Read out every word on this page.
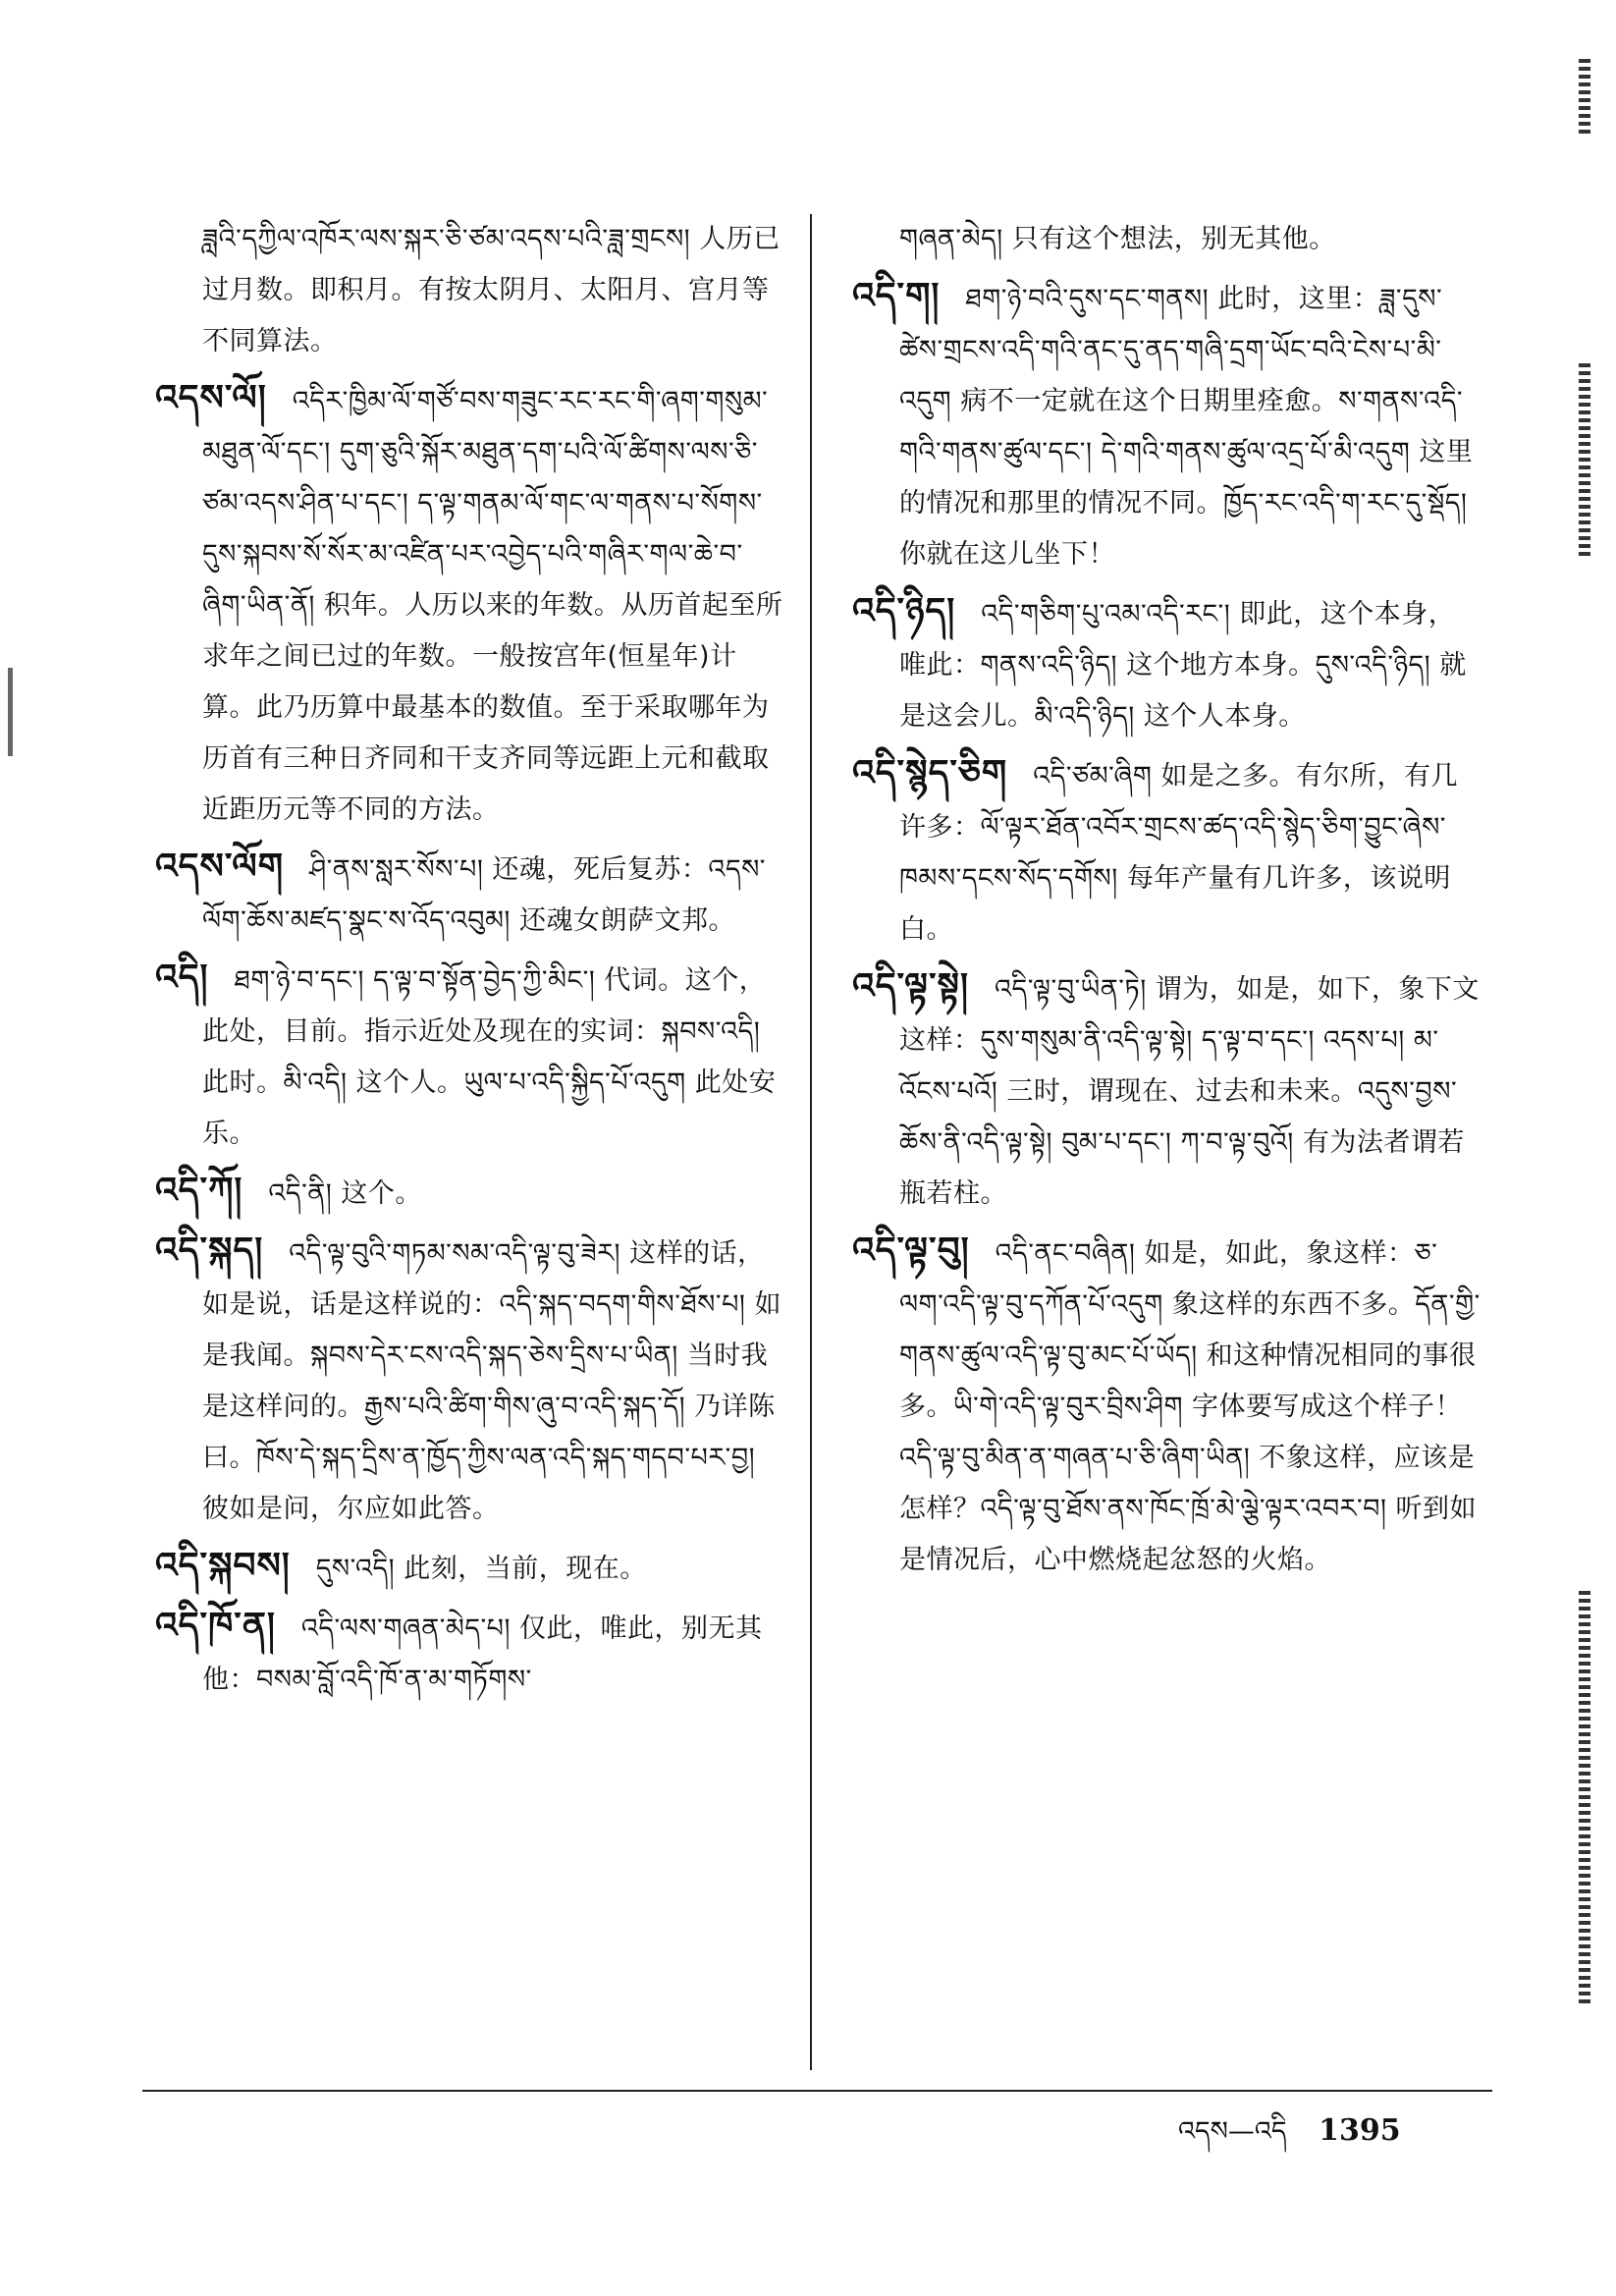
ཟླའི་དཀྱིལ་འཁོར་ལས་སྐར་ཅི་ཙམ་འདས་པའི་ཟླ་གྲངས། 人历已过月数。即积月。有按太阴月、太阳月、宫月等不同算法。
འདས་ལོ། འདིར་ཁྱིམ་ལོ་གཙོ་བས་གཟུང་རང་རང་གི་ཞག་གསུམ་མཐུན་ལོ་དང་། དུག་ཅུའི་སྐོར་མཐུན་དག་པའི་ལོ་ཚིགས་ལས་ཅི་ཙམ་འདས་ཤིན་པ་དང་། ད་ལྟ་གནམ་ལོ་གང་ལ་གནས་པ་སོགས་དུས་སྐབས་སོ་སོར་མ་འཛིན་པར་འབྱེད་པའི་གཞིར་གལ་ཆེ་བ་ཞིག་ཡིན་ནོ། 积年。人历以来的年数。从历首起至所求年之间已过的年数。一般按宫年(恒星年)计算。此乃历算中最基本的数值。至于采取哪年为历首有三种日齐同和干支齐同等远距上元和截取近距历元等不同的方法。
འདས་ལོག ཤི་ནས་སླར་སོས་པ། 还魂，死后复苏：འདས་ལོག་ཆོས་མཛད་སྣང་ས་འོད་འབུམ། 还魂女朗萨文邦。
འདི། ཐག་ཉེ་བ་དང་། ད་ལྟ་བ་སྟོན་བྱེད་ཀྱི་མིང་། 代词。这个，此处，目前。指示近处及现在的实词：སྐབས་འདི། 此时。མི་འདི། 这个人。ཡུལ་པ་འདི་སྐྱིད་པོ་འདུག 此处安乐。
འདི་ཀོ། འདི་ནི། 这个。
འདི་སྐད། འདི་ལྟ་བུའི་གཏམ་སམ་འདི་ལྟ་བུ་ཟེར། 这样的话，如是说，话是这样说的：འདི་སྐད་བདག་གིས་ཐོས་པ། 如是我闻。སྐབས་དེར་ངས་འདི་སྐད་ཅེས་དྲིས་པ་ཡིན། 当时我是这样问的。རྒྱས་པའི་ཚིག་གིས་ཞུ་བ་འདི་སྐད་དོ། 乃详陈曰。ཁོས་དེ་སྐད་དྲིས་ན་ཁྱོད་ཀྱིས་ལན་འདི་སྐད་གདབ་པར་བྱ། 彼如是问，尔应如此答。
འདི་སྐབས། དུས་འདི། 此刻，当前，现在。
འདི་ཁོ་ན། འདི་ལས་གཞན་མེད་པ། 仅此，唯此，别无其他：བསམ་བློ་འདི་ཁོ་ན་མ་གཏོགས་
གཞན་མེད། 只有这个想法，别无其他。
འདི་ག། ཐག་ཉེ་བའི་དུས་དང་གནས། 此时，这里：ཟླ་དུས་ཚེས་གྲངས་འདི་གའི་ནང་དུ་ནད་གཞི་དྲག་ཡོང་བའི་ངེས་པ་མི་འདུག 病不一定就在这个日期里痊愈。ས་གནས་འདི་གའི་གནས་ཚུལ་དང་། དེ་གའི་གནས་ཚུལ་འདྲ་པོ་མི་འདུག 这里的情况和那里的情况不同。ཁྱོད་རང་འདི་ག་རང་དུ་སྡོད། 你就在这儿坐下！
འདི་ཉིད། འདི་གཅིག་པུ་འམ་འདི་རང་། 即此，这个本身，唯此：གནས་འདི་ཉིད། 这个地方本身。དུས་འདི་ཉིད། 就是这会儿。མི་འདི་ཉིད། 这个人本身。
འདི་སྙེད་ཅིག འདི་ཙམ་ཞིག 如是之多。有尔所，有几许多：ལོ་ལྟར་ཐོན་འབོར་གྲངས་ཚད་འདི་སྙེད་ཅིག་བྱུང་ཞེས་ཁམས་དངས་སོད་དགོས། 每年产量有几许多，该说明白。
འདི་ལྟ་སྟེ། འདི་ལྟ་བུ་ཡིན་ཏེ། 谓为，如是，如下，象下文这样：དུས་གསུམ་ནི་འདི་ལྟ་སྟེ། ད་ལྟ་བ་དང་། འདས་པ། མ་འོངས་པའོ། 三时，谓现在、过去和未来。འདུས་བྱས་ཆོས་ནི་འདི་ལྟ་སྟེ། བུམ་པ་དང་། ཀ་བ་ལྟ་བུའོ། 有为法者谓若瓶若柱。
འདི་ལྟ་བུ། འདི་ནང་བཞིན། 如是，如此，象这样：ཅ་ལག་འདི་ལྟ་བུ་དཀོན་པོ་འདུག 象这样的东西不多。དོན་གྱི་གནས་ཚུལ་འདི་ལྟ་བུ་མང་པོ་ཡོད། 和这种情况相同的事很多。ཡི་གེ་འདི་ལྟ་བུར་བྲིས་ཤིག 字体要写成这个样子！འདི་ལྟ་བུ་མིན་ན་གཞན་པ་ཅི་ཞིག་ཡིན། 不象这样，应该是怎样？འདི་ལྟ་བུ་ཐོས་ནས་ཁོང་ཁྲོ་མེ་ལྕེ་ལྟར་འབར་བ། 听到如是情况后，心中燃烧起忿怒的火焰。
འདས—འདི 1395
